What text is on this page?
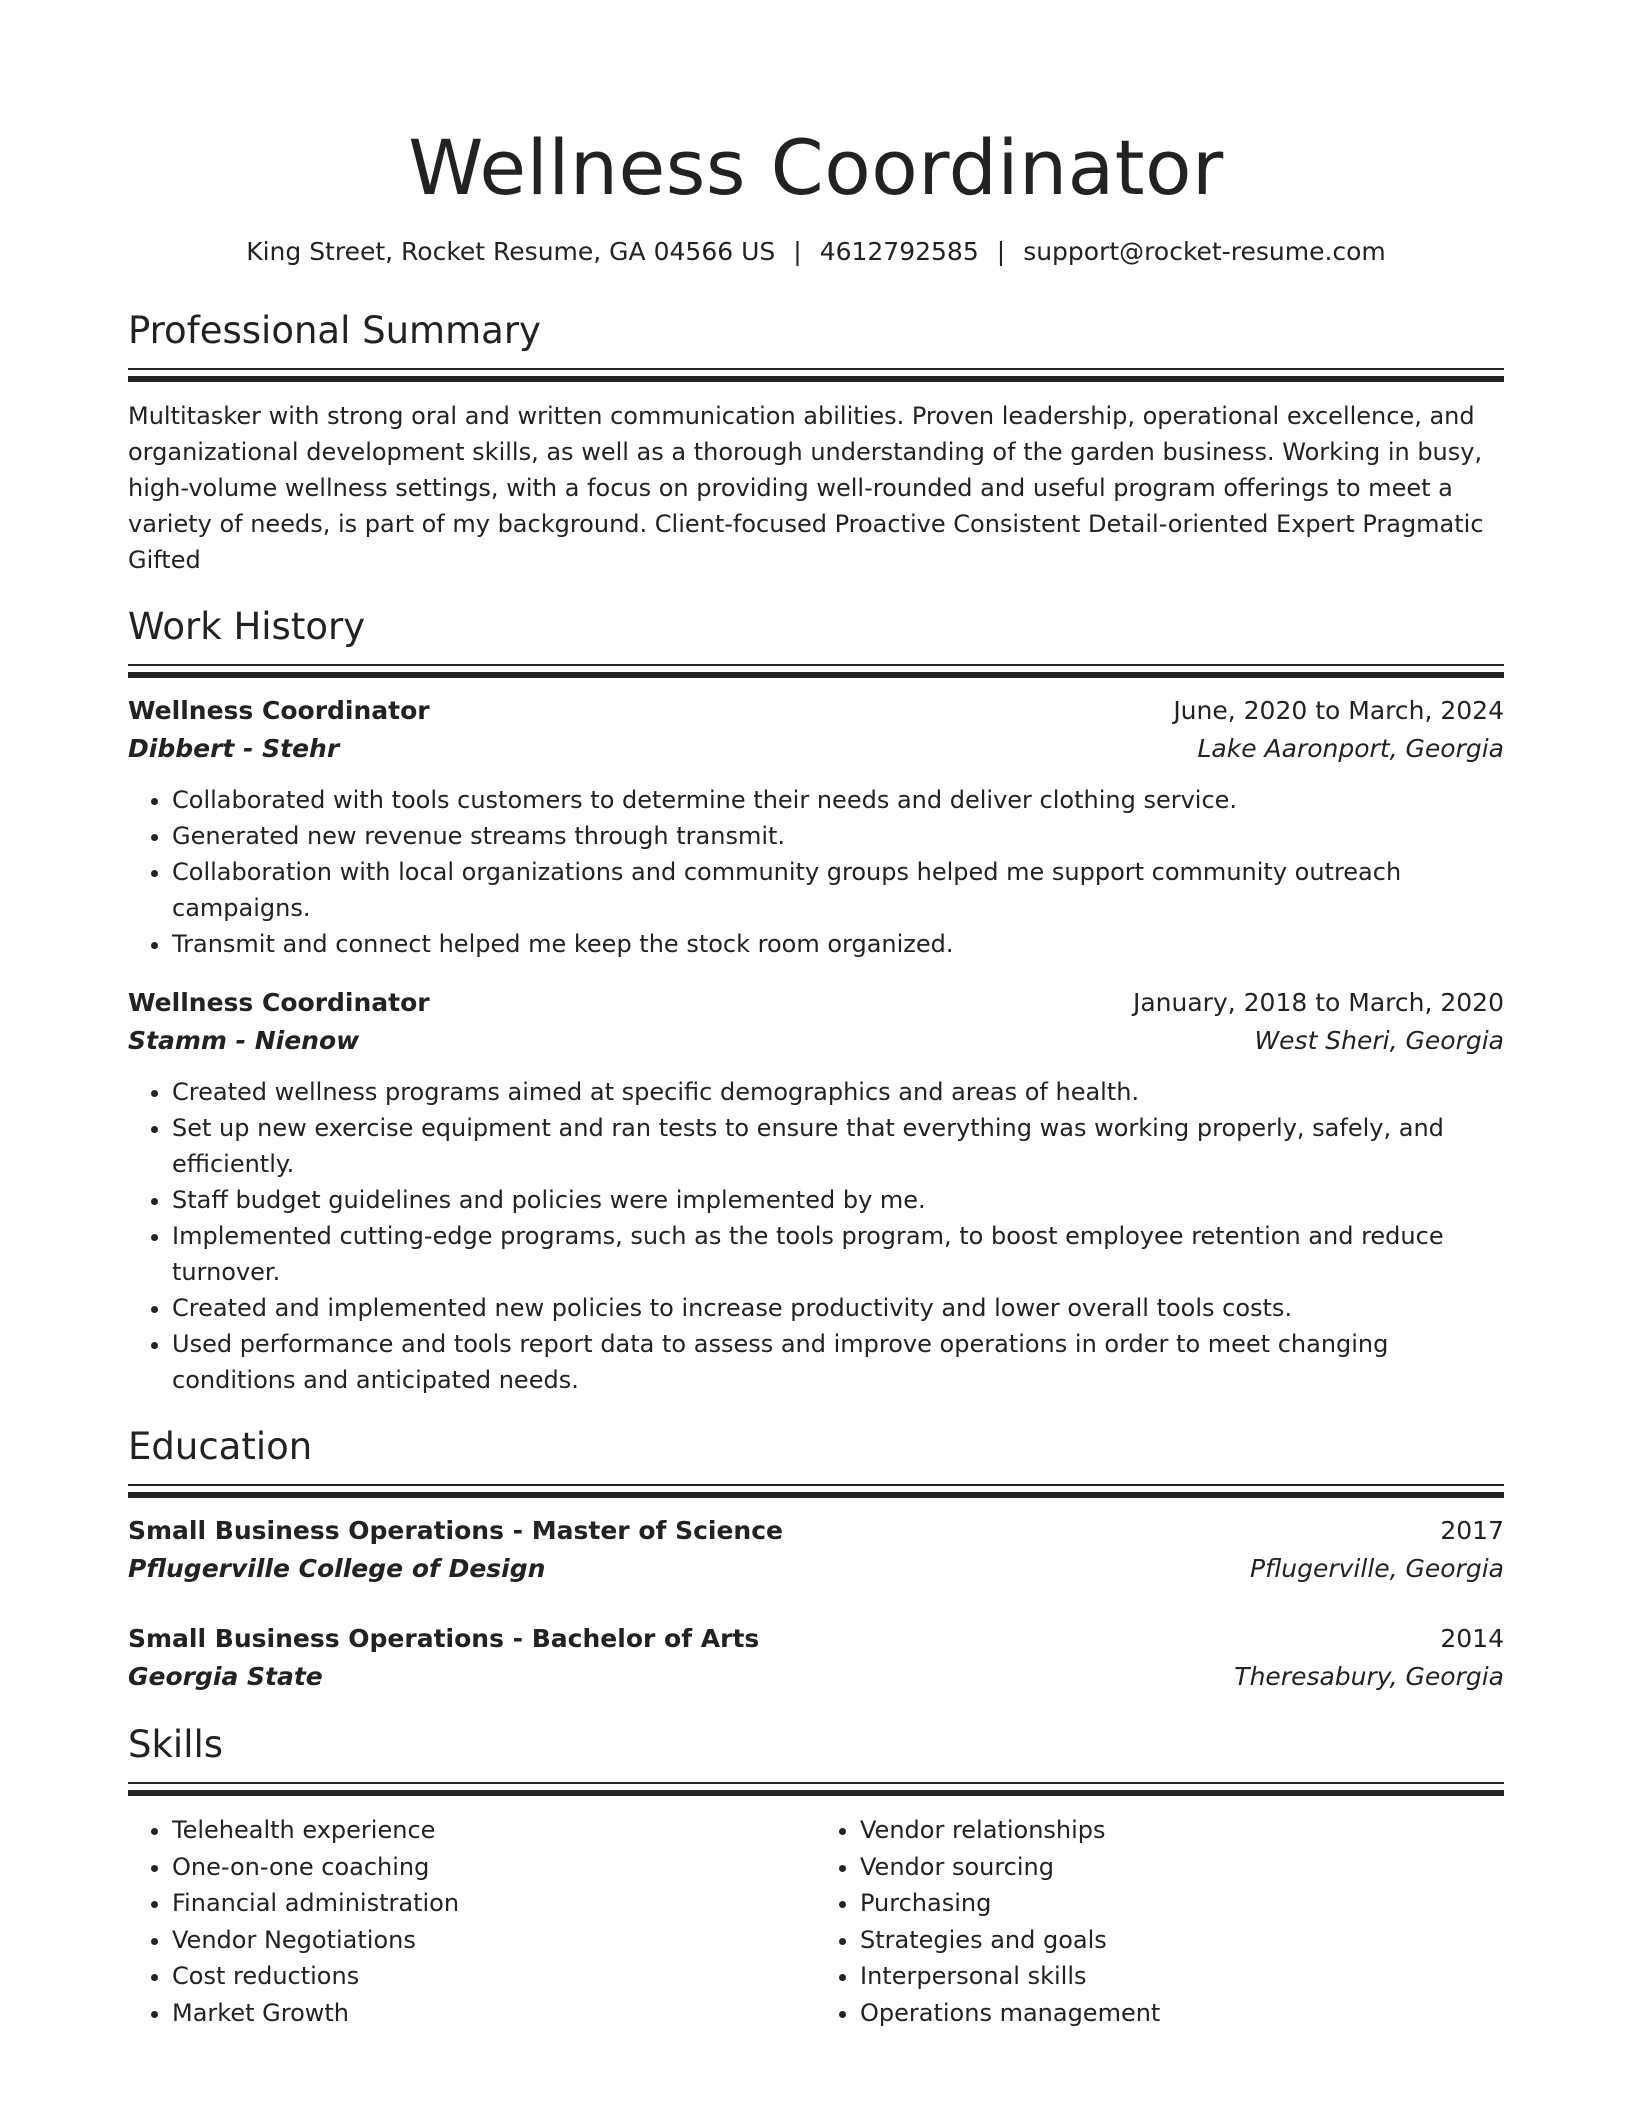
Wellness Coordinator
King Street, Rocket Resume, GA 04566 US | 4612792585 | support@rocket-resume.com
Professional Summary
Multitasker with strong oral and written communication abilities. Proven leadership, operational excellence, and organizational development skills, as well as a thorough understanding of the garden business. Working in busy, high-volume wellness settings, with a focus on providing well-rounded and useful program offerings to meet a variety of needs, is part of my background. Client-focused Proactive Consistent Detail-oriented Expert Pragmatic Gifted
Work History
Wellness Coordinator	June, 2020 to March, 2024
Dibbert - Stehr	Lake Aaronport, Georgia
• Collaborated with tools customers to determine their needs and deliver clothing service.
• Generated new revenue streams through transmit.
• Collaboration with local organizations and community groups helped me support community outreach campaigns.
• Transmit and connect helped me keep the stock room organized.
Wellness Coordinator	January, 2018 to March, 2020
Stamm - Nienow	West Sheri, Georgia
• Created wellness programs aimed at specific demographics and areas of health.
• Set up new exercise equipment and ran tests to ensure that everything was working properly, safely, and efficiently.
• Staff budget guidelines and policies were implemented by me.
• Implemented cutting-edge programs, such as the tools program, to boost employee retention and reduce turnover.
• Created and implemented new policies to increase productivity and lower overall tools costs.
• Used performance and tools report data to assess and improve operations in order to meet changing conditions and anticipated needs.
Education
Small Business Operations - Master of Science	2017
Pflugerville College of Design	Pflugerville, Georgia
Small Business Operations - Bachelor of Arts	2014
Georgia State	Theresabury, Georgia
Skills
• Telehealth experience
• One-on-one coaching
• Financial administration
• Vendor Negotiations
• Cost reductions
• Market Growth
• Vendor relationships
• Vendor sourcing
• Purchasing
• Strategies and goals
• Interpersonal skills
• Operations management
